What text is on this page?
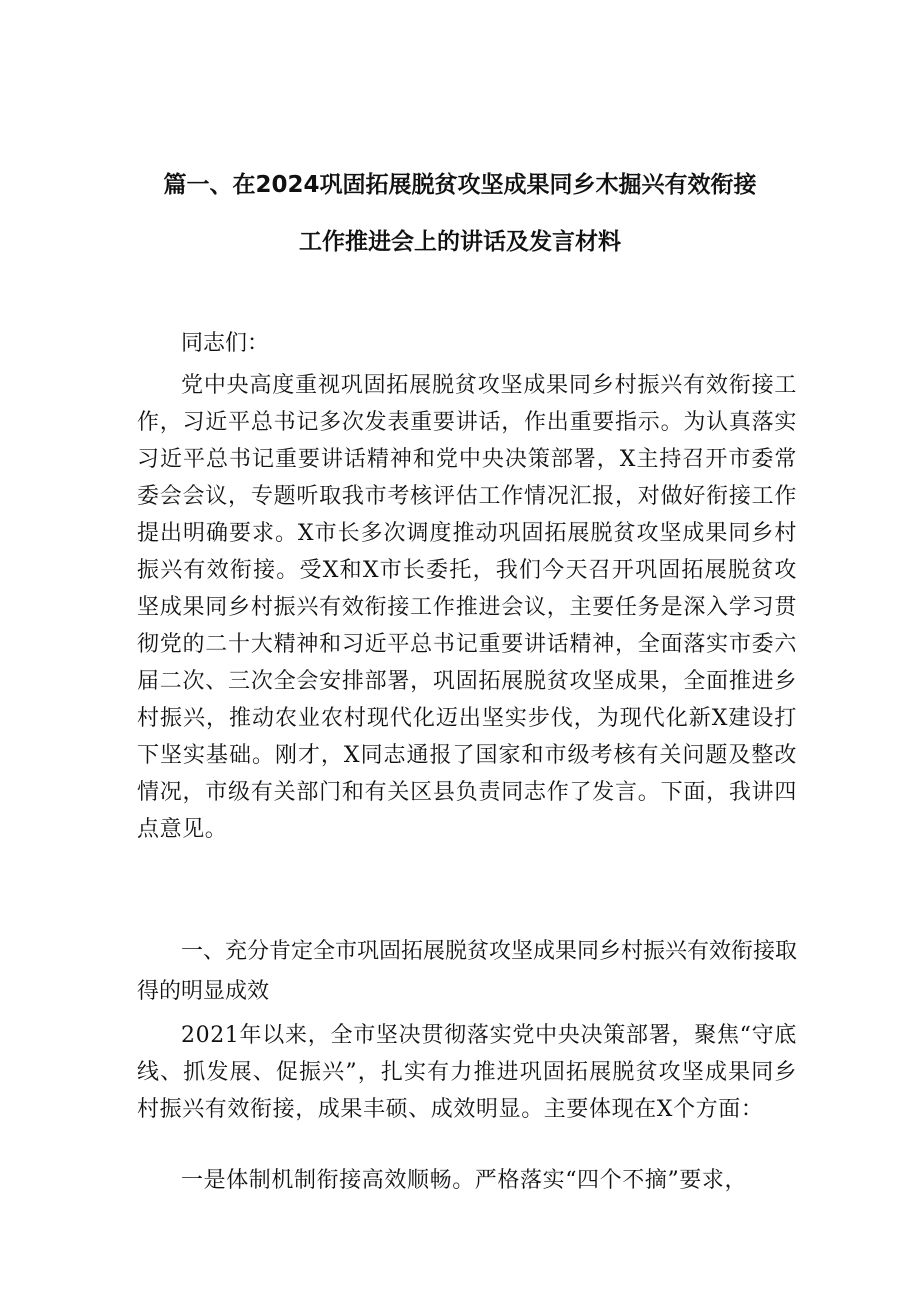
篇一、在2024巩固拓展脱贫攻坚成果同乡木掘兴有效衔接
工作推进会上的讲话及发言材料

同志们：

党中央高度重视巩固拓展脱贫攻坚成果同乡村振兴有效衔接工作，习近平总书记多次发表重要讲话，作出重要指示。为认真落实习近平总书记重要讲话精神和党中央决策部署，X主持召开市委常委会会议，专题听取我市考核评估工作情况汇报，对做好衔接工作提出明确要求。X市长多次调度推动巩固拓展脱贫攻坚成果同乡村振兴有效衔接。受X和X市长委托，我们今天召开巩固拓展脱贫攻坚成果同乡村振兴有效衔接工作推进会议，主要任务是深入学习贯彻党的二十大精神和习近平总书记重要讲话精神，全面落实市委六届二次、三次全会安排部署，巩固拓展脱贫攻坚成果，全面推进乡村振兴，推动农业农村现代化迈出坚实步伐，为现代化新X建设打下坚实基础。刚才，X同志通报了国家和市级考核有关问题及整改情况，市级有关部门和有关区县负责同志作了发言。下面，我讲四点意见。

一、充分肯定全市巩固拓展脱贫攻坚成果同乡村振兴有效衔接取得的明显成效

2021年以来，全市坚决贯彻落实党中央决策部署，聚焦“守底线、抓发展、促振兴”，扎实有力推进巩固拓展脱贫攻坚成果同乡村振兴有效衔接，成果丰硕、成效明显。主要体现在X个方面：

一是体制机制衔接高效顺畅。严格落实“四个不摘”要求，
